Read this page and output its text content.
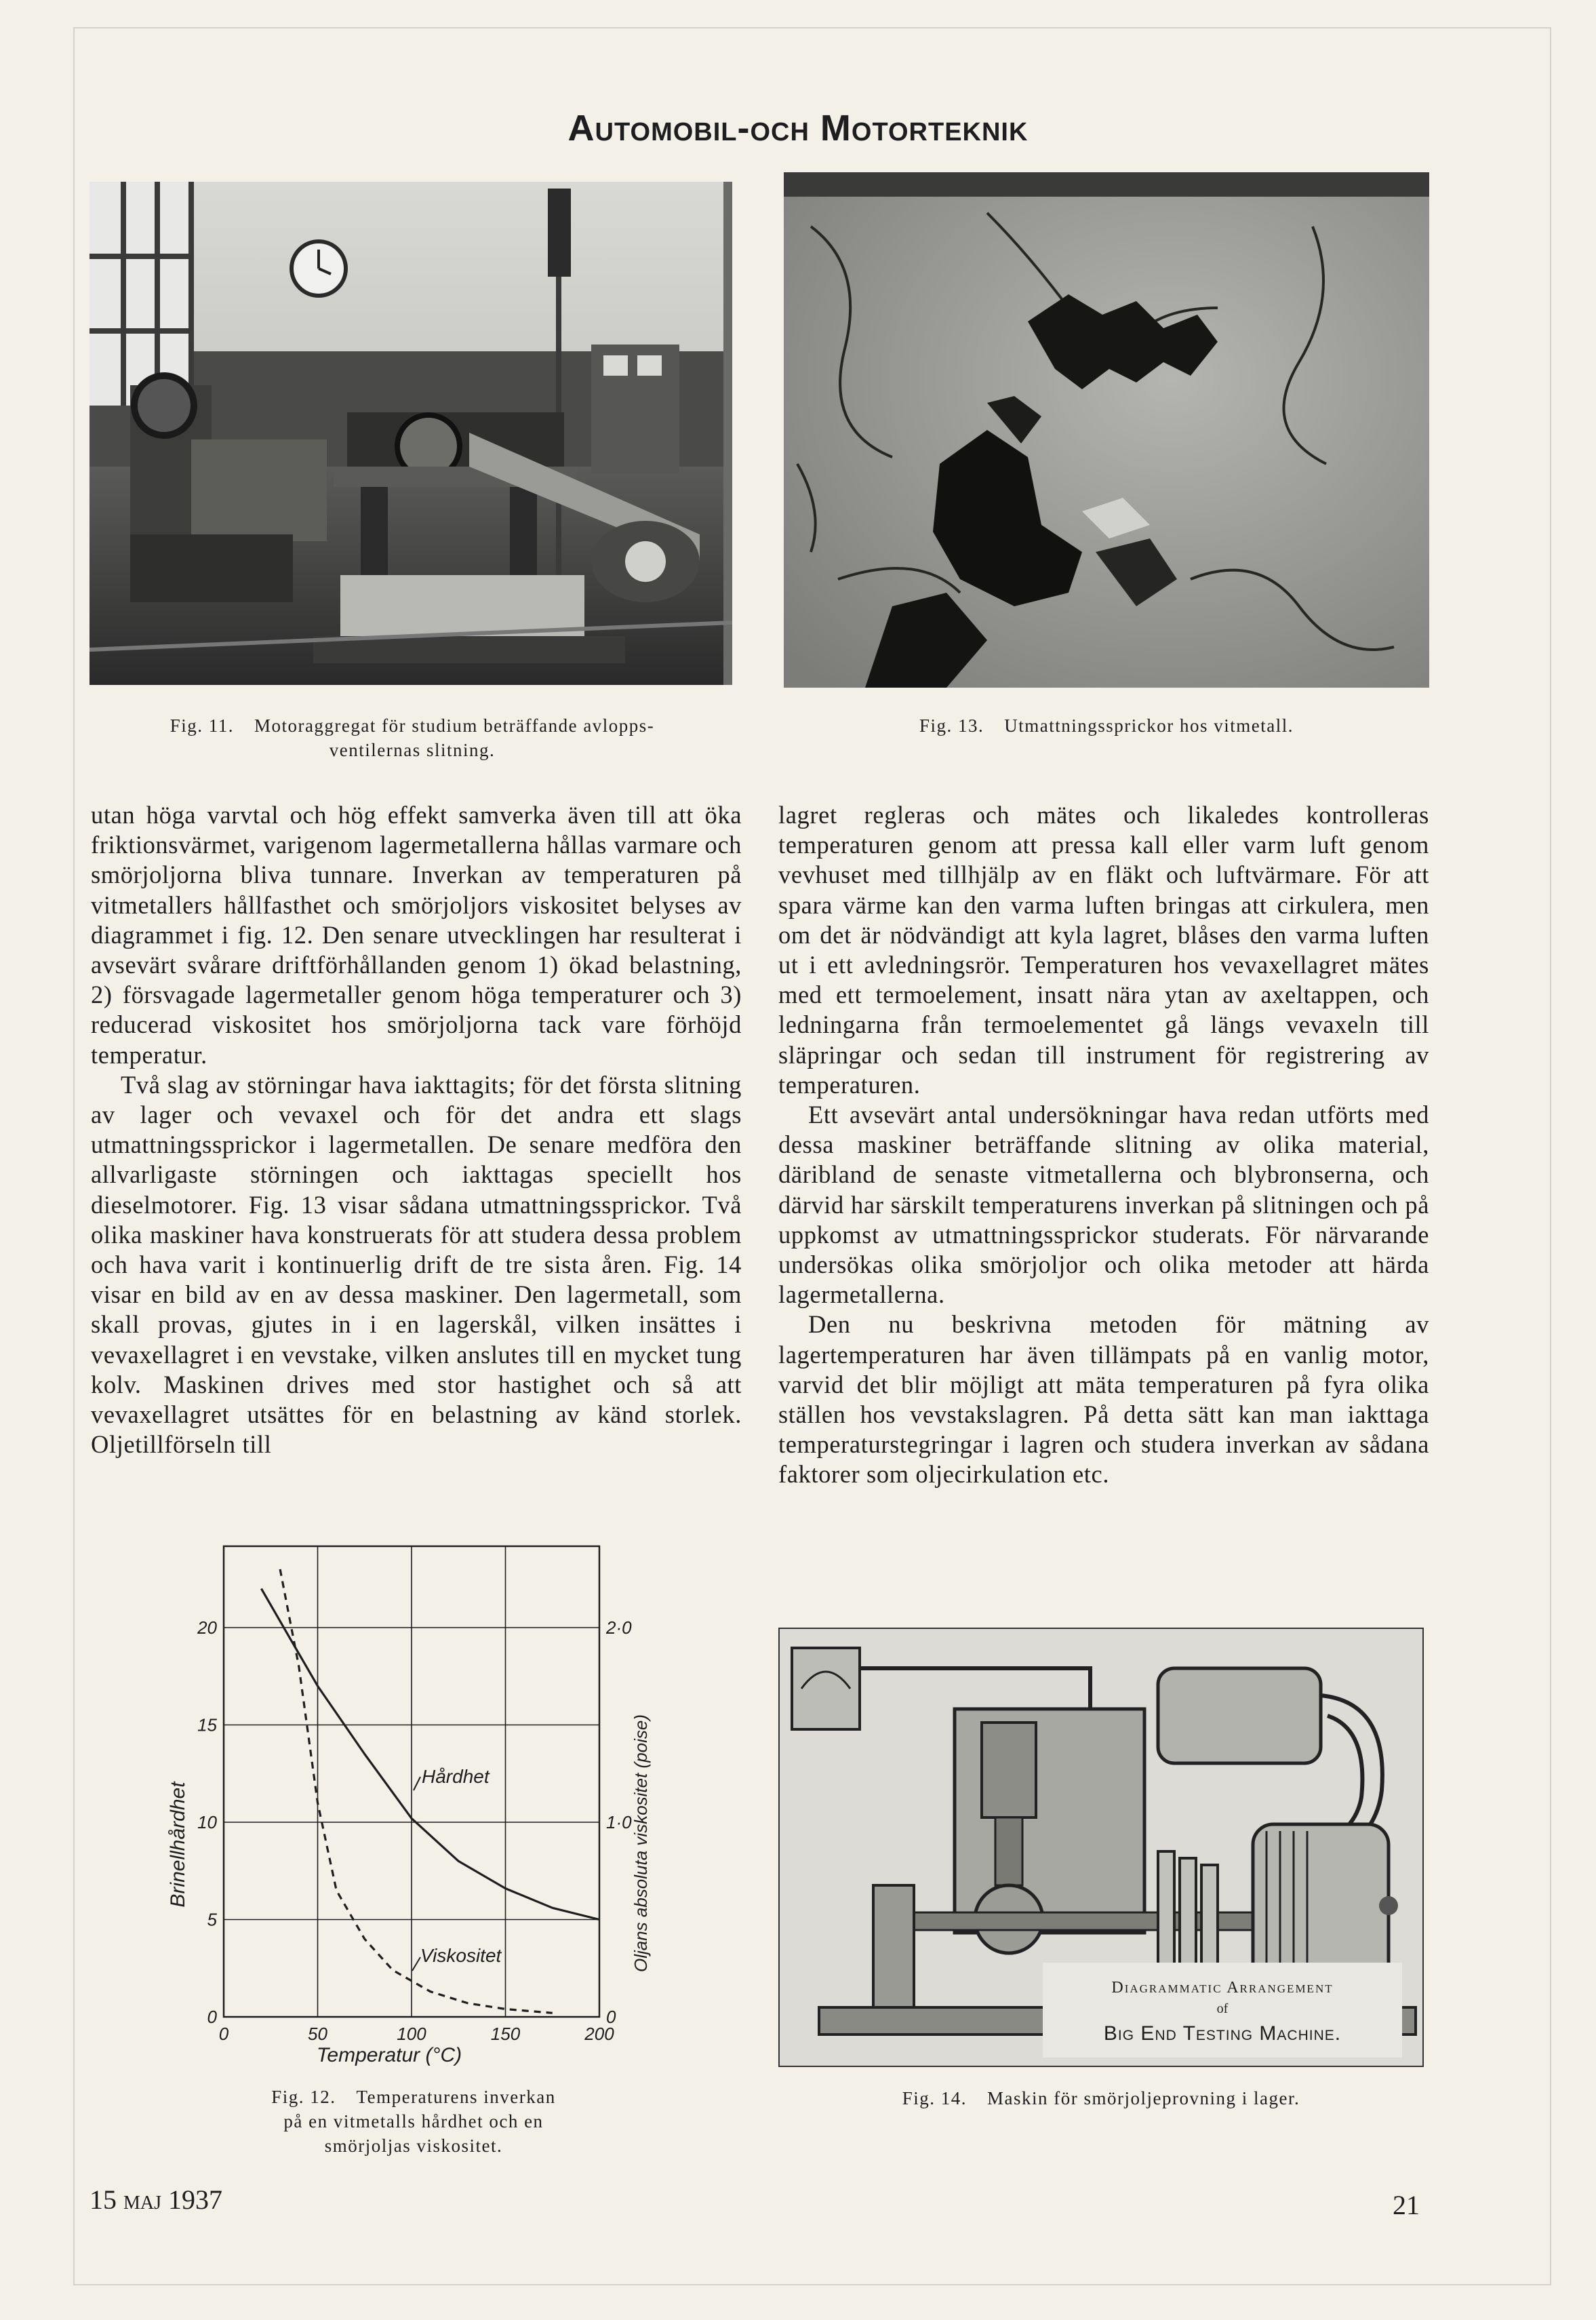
Automobil-och Motorteknik
Fig. 11. Motoraggregat för studium beträffande avlopps-
ventilernas slitning.
Fig. 13. Utmattningssprickor hos vitmetall.

utan höga varvtal och hög effekt samverka även till att öka friktionsvärmet, varigenom lagermetallerna hållas varmare och smörjoljorna bliva tunnare. Inverkan av temperaturen på vitmetallers hållfasthet och smörjoljors viskositet belyses av diagrammet i fig. 12. Den senare utvecklingen har resulterat i avsevärt svårare driftförhållanden genom 1) ökad belastning, 2) försvagade lagermetaller genom höga temperaturer och 3) reducerad viskositet hos smörjoljorna tack vare förhöjd temperatur.

Två slag av störningar hava iakttagits; för det första slitning av lager och vevaxel och för det andra ett slags utmattningssprickor i lagermetallen. De senare medföra den allvarligaste störningen och iakttagas speciellt hos dieselmotorer. Fig. 13 visar sådana utmattningssprickor. Två olika maskiner hava konstruerats för att studera dessa problem och hava varit i kontinuerlig drift de tre sista åren. Fig. 14 visar en bild av en av dessa maskiner. Den lagermetall, som skall provas, gjutes in i en lagerskål, vilken insättes i vevaxellagret i en vevstake, vilken anslutes till en mycket tung kolv. Maskinen drives med stor hastighet och så att vevaxellagret utsättes för en belastning av känd storlek. Oljetillförseln till

lagret regleras och mätes och likaledes kontrolleras temperaturen genom att pressa kall eller varm luft genom vevhuset med tillhjälp av en fläkt och luftvärmare. För att spara värme kan den varma luften bringas att cirkulera, men om det är nödvändigt att kyla lagret, blåses den varma luften ut i ett avledningsrör. Temperaturen hos vevaxellagret mätes med ett termoelement, insatt nära ytan av axeltappen, och ledningarna från termoelementet gå längs vevaxeln till släpringar och sedan till instrument för registrering av temperaturen.

Ett avsevärt antal undersökningar hava redan utförts med dessa maskiner beträffande slitning av olika material, däribland de senaste vitmetallerna och blybronserna, och därvid har särskilt temperaturens inverkan på slitningen och på uppkomst av utmattningssprickor studerats. För närvarande undersökas olika smörjoljor och olika metoder att härda lagermetallerna.

Den nu beskrivna metoden för mätning av lagertemperaturen har även tillämpats på en vanlig motor, varvid det blir möjligt att mäta temperaturen på fyra olika ställen hos vevstakslagren. På detta sätt kan man iakttaga temperaturstegringar i lagren och studera inverkan av sådana faktorer som oljecirkulation etc.

0	50	100	150	200
0
5
10
15
20
0
1·0
2·0
Hårdhet
Viskositet
Temperatur (°C)
Brinellhårdhet	Oljans absoluta viskositet (poise)
Fig. 12. Temperaturens inverkan
på en vitmetalls hårdhet och en
smörjoljas viskositet.
Diagrammatic Arrangement
of
Big End Testing Machine.
Fig. 14. Maskin för smörjoljeprovning i lager.
15 maj 1937	21
